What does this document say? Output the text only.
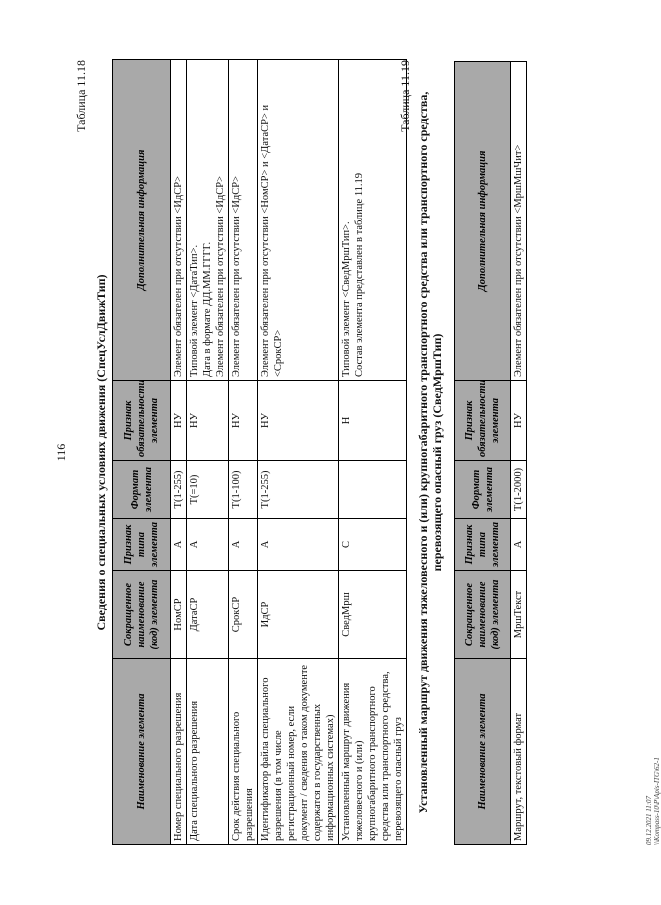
116
Таблица 11.18
Сведения о специальных условиях движения (СпецУслДвижТип)
Наименование элемента	Сокращенное наименование (код) элемента	Признак типа элемента	Формат элемента	Признак обязательности элемента	Дополнительная информация
Номер специального разрешения	НомСР	А	T(1-255)	НУ	Элемент обязателен при отсутствии <ИдСР>
Дата специального разрешения	ДатаСР	А	T(=10)	НУ	Типовой элемент <ДатаТип>. Дата в формате ДД.ММ.ГГГГ. Элемент обязателен при отсутствии <ИдСР>
Срок действия специального разрешения	СрокСР	А	T(1-100)	НУ	Элемент обязателен при отсутствии <ИдСР>
Идентификатор файла специального разрешения (в том числе регистрационный номер, если документ / сведения о таком документе содержатся в государственных информационных системах)	ИдСР	А	T(1-255)	НУ	Элемент обязателен при отсутствии <НомСР> и <ДатаСР> и <СрокСР>
Установленный маршрут движения тяжеловесного и (или) крупногабаритного транспортного средства или транспортного средства, перевозящего опасный груз	СведМрш	С		Н	Типовой элемент <СведМршТип>. Состав элемента представлен в таблице 11.19
Таблица 11.19 Установленный маршрут движения тяжеловесного и (или) крупногабаритного транспортного средства или транспортного средства, перевозящего опасный груз (СведМршТип)
Наименование элемента	Сокращенное наименование (код) элемента	Признак типа элемента	Формат элемента	Признак обязательности элемента	Дополнительная информация
Маршрут, текстовый формат	МршТекст	А	T(1-2000)	НУ	Элемент обязателен при отсутствии <МршМшЧит>
09.12.2021 11:07 \\Kompass-10\P\Apis-ITG\62-1
